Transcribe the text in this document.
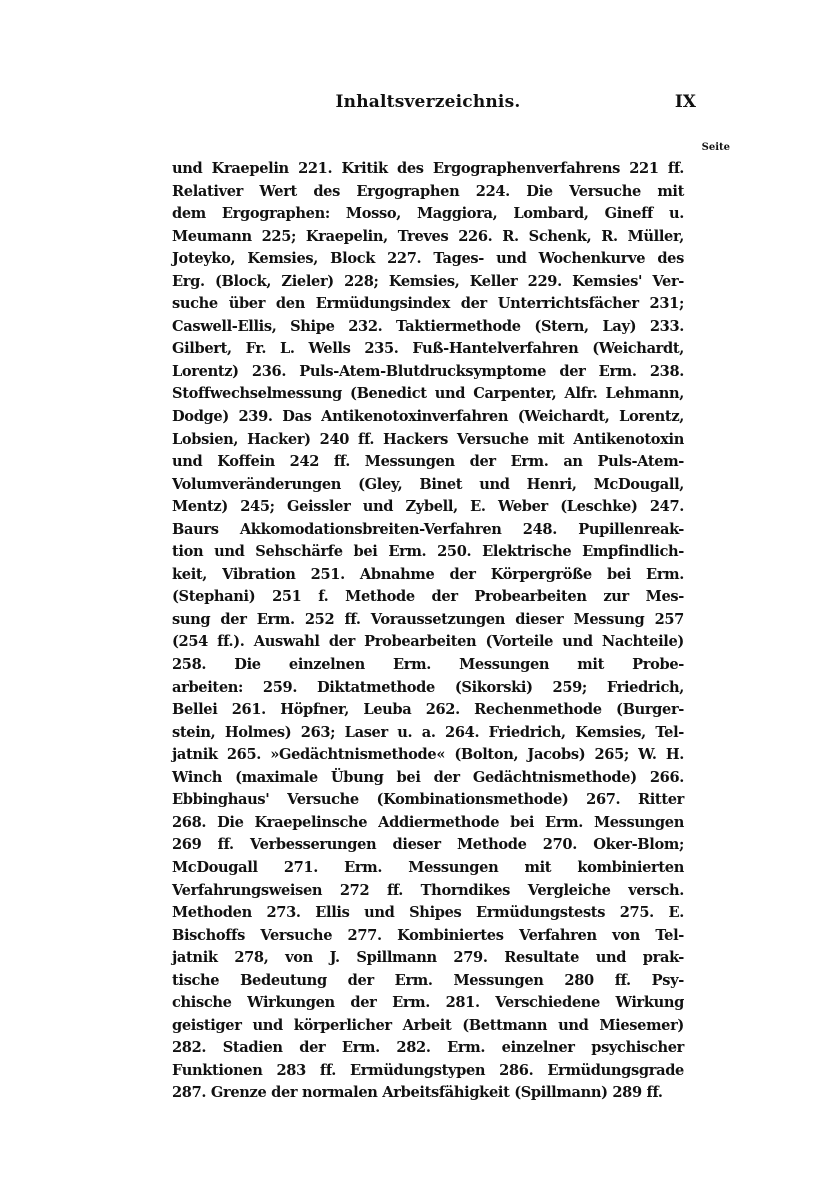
Inhaltsverzeichnis.	IX
Seite
und Kraepelin 221. Kritik des Ergographenverfahrens 221 ff.
Relativer Wert des Ergographen 224. Die Versuche mit
dem Ergographen: Mosso, Maggiora, Lombard, Gineff u.
Meumann 225; Kraepelin, Treves 226. R. Schenk, R. Müller,
Joteyko, Kemsies, Block 227. Tages- und Wochenkurve des
Erg. (Block, Zieler) 228; Kemsies, Keller 229. Kemsies' Ver-
suche über den Ermüdungsindex der Unterrichtsfächer 231;
Caswell-Ellis, Shipe 232. Taktiermethode (Stern, Lay) 233.
Gilbert, Fr. L. Wells 235. Fuß-Hantelverfahren (Weichardt,
Lorentz) 236. Puls-Atem-Blutdrucksymptome der Erm. 238.
Stoffwechselmessung (Benedict und Carpenter, Alfr. Lehmann,
Dodge) 239. Das Antikenotoxinverfahren (Weichardt, Lorentz,
Lobsien, Hacker) 240 ff. Hackers Versuche mit Antikenotoxin
und Koffein 242 ff. Messungen der Erm. an Puls-Atem-
Volumveränderungen (Gley, Binet und Henri, McDougall,
Mentz) 245; Geissler und Zybell, E. Weber (Leschke) 247.
Baurs Akkomodationsbreiten-Verfahren 248. Pupillenreak-
tion und Sehschärfe bei Erm. 250. Elektrische Empfindlich-
keit, Vibration 251. Abnahme der Körpergröße bei Erm.
(Stephani) 251 f. Methode der Probearbeiten zur Mes-
sung der Erm. 252 ff. Voraussetzungen dieser Messung 257
(254 ff.). Auswahl der Probearbeiten (Vorteile und Nachteile)
258. Die einzelnen Erm. Messungen mit Probe-
arbeiten: 259. Diktatmethode (Sikorski) 259; Friedrich,
Bellei 261. Höpfner, Leuba 262. Rechenmethode (Burger-
stein, Holmes) 263; Laser u. a. 264. Friedrich, Kemsies, Tel-
jatnik 265. »Gedächtnismethode« (Bolton, Jacobs) 265; W. H.
Winch (maximale Übung bei der Gedächtnismethode) 266.
Ebbinghaus' Versuche (Kombinationsmethode) 267. Ritter
268. Die Kraepelinsche Addiermethode bei Erm. Messungen
269 ff. Verbesserungen dieser Methode 270. Oker-Blom;
McDougall 271. Erm. Messungen mit kombinierten
Verfahrungsweisen 272 ff. Thorndikes Vergleiche versch.
Methoden 273. Ellis und Shipes Ermüdungstests 275. E.
Bischoffs Versuche 277. Kombiniertes Verfahren von Tel-
jatnik 278, von J. Spillmann 279. Resultate und prak-
tische Bedeutung der Erm. Messungen 280 ff. Psy-
chische Wirkungen der Erm. 281. Verschiedene Wirkung
geistiger und körperlicher Arbeit (Bettmann und Miesemer)
282. Stadien der Erm. 282. Erm. einzelner psychischer
Funktionen 283 ff. Ermüdungstypen 286. Ermüdungsgrade
287. Grenze der normalen Arbeitsfähigkeit (Spillmann) 289 ff.
